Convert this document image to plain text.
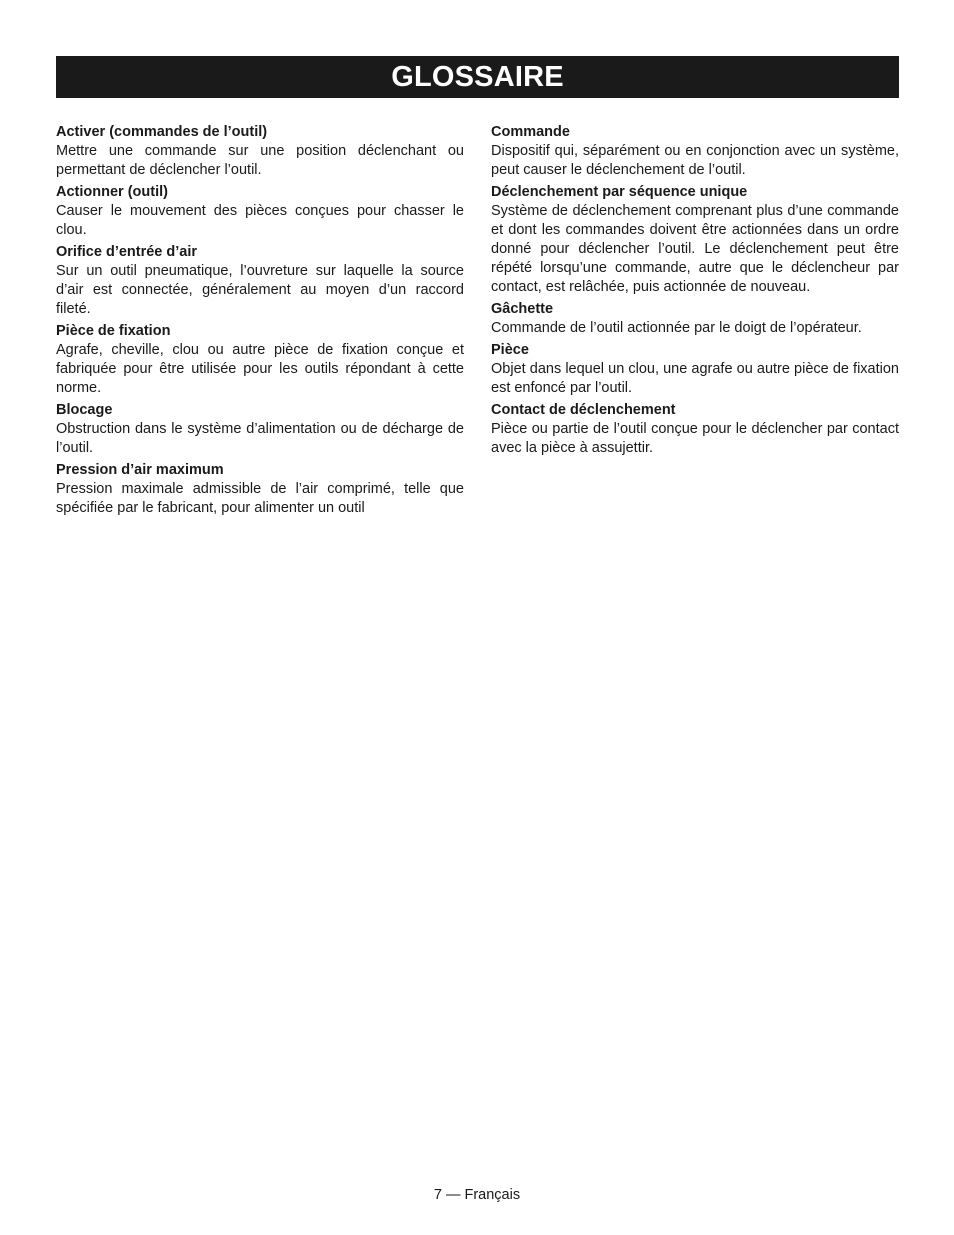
GLOSSAIRE

Activer (commandes de l’outil)

Mettre une commande sur une position déclenchant ou permettant de déclencher l’outil.

Actionner (outil)

Causer le mouvement des pièces conçues pour chasser le clou.

Orifice d’entrée d’air

Sur un outil pneumatique, l’ouvreture sur laquelle la source d’air est connectée, généralement au moyen d’un raccord fileté.

Pièce de fixation

Agrafe, cheville, clou ou autre pièce de fixation conçue et fabriquée pour être utilisée pour les outils répondant à cette norme.

Blocage

Obstruction dans le système d’alimentation ou de décharge de l’outil.

Pression d’air maximum

Pression maximale admissible de l’air comprimé, telle que spécifiée par le fabricant, pour alimenter un outil

Commande

Dispositif qui, séparément ou en conjonction avec un système, peut causer le déclenchement de l’outil.

Déclenchement par séquence unique

Système de déclenchement comprenant plus d’une commande et dont les commandes doivent être actionnées dans un ordre donné pour déclencher l’outil. Le déclenchement peut être répété lorsqu’une commande, autre que le déclencheur par contact, est relâchée, puis actionnée de nouveau.

Gâchette

Commande de l’outil actionnée par le doigt de l’opérateur.

Pièce

Objet dans lequel un clou, une agrafe ou autre pièce de fixation est enfoncé par l’outil.

Contact de déclenchement

Pièce ou partie de l’outil conçue pour le déclencher par contact avec la pièce à assujettir.

7 — Français
